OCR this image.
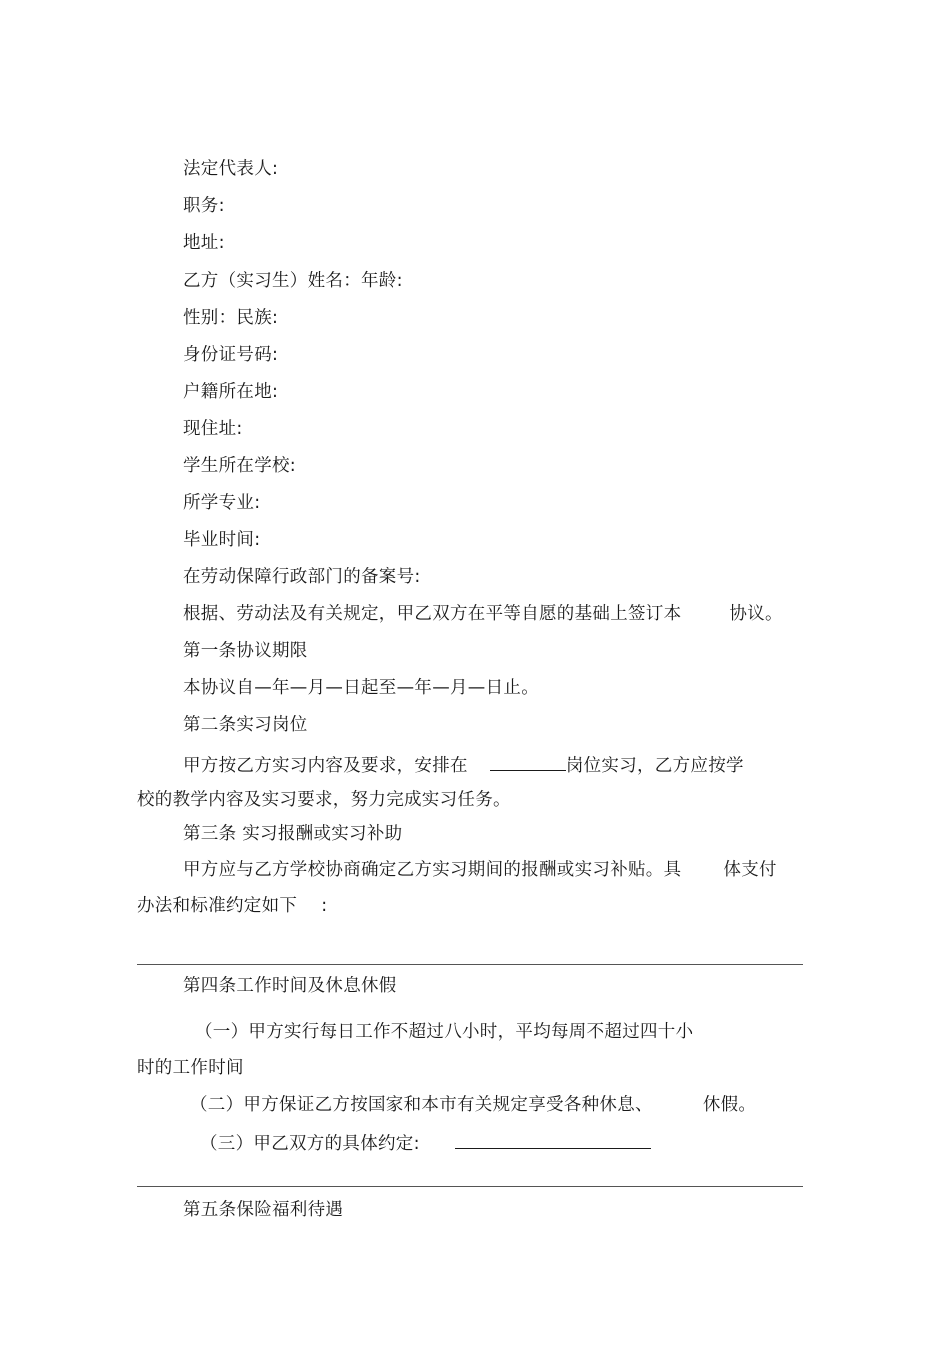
法定代表人:
职务:
地址:
乙方（实习生）姓名：年龄:
性别：民族:
身份证号码:
户籍所在地:
现住址:
学生所在学校:
所学专业:
毕业时间:
在劳动保障行政部门的备案号:
根据、劳动法及有关规定，甲乙双方在平等自愿的基础上签订本	协议。
第一条协议期限
本协议自—年—月—日起至—年—月—日止。
第二条实习岗位
甲方按乙方实习内容及要求，安排在	岗位实习，乙方应按学
校的教学内容及实习要求，努力完成实习任务。
第三条 实习报酬或实习补助
甲方应与乙方学校协商确定乙方实习期间的报酬或实习补贴。具 体支付
办法和标准约定如下 :
第四条工作时间及休息休假
（一）甲方实行每日工作不超过八小时，平均每周不超过四十小
时的工作时间
（二）甲方保证乙方按国家和本市有关规定享受各种休息、	休假。
（三）甲乙双方的具体约定:
第五条保险福利待遇
